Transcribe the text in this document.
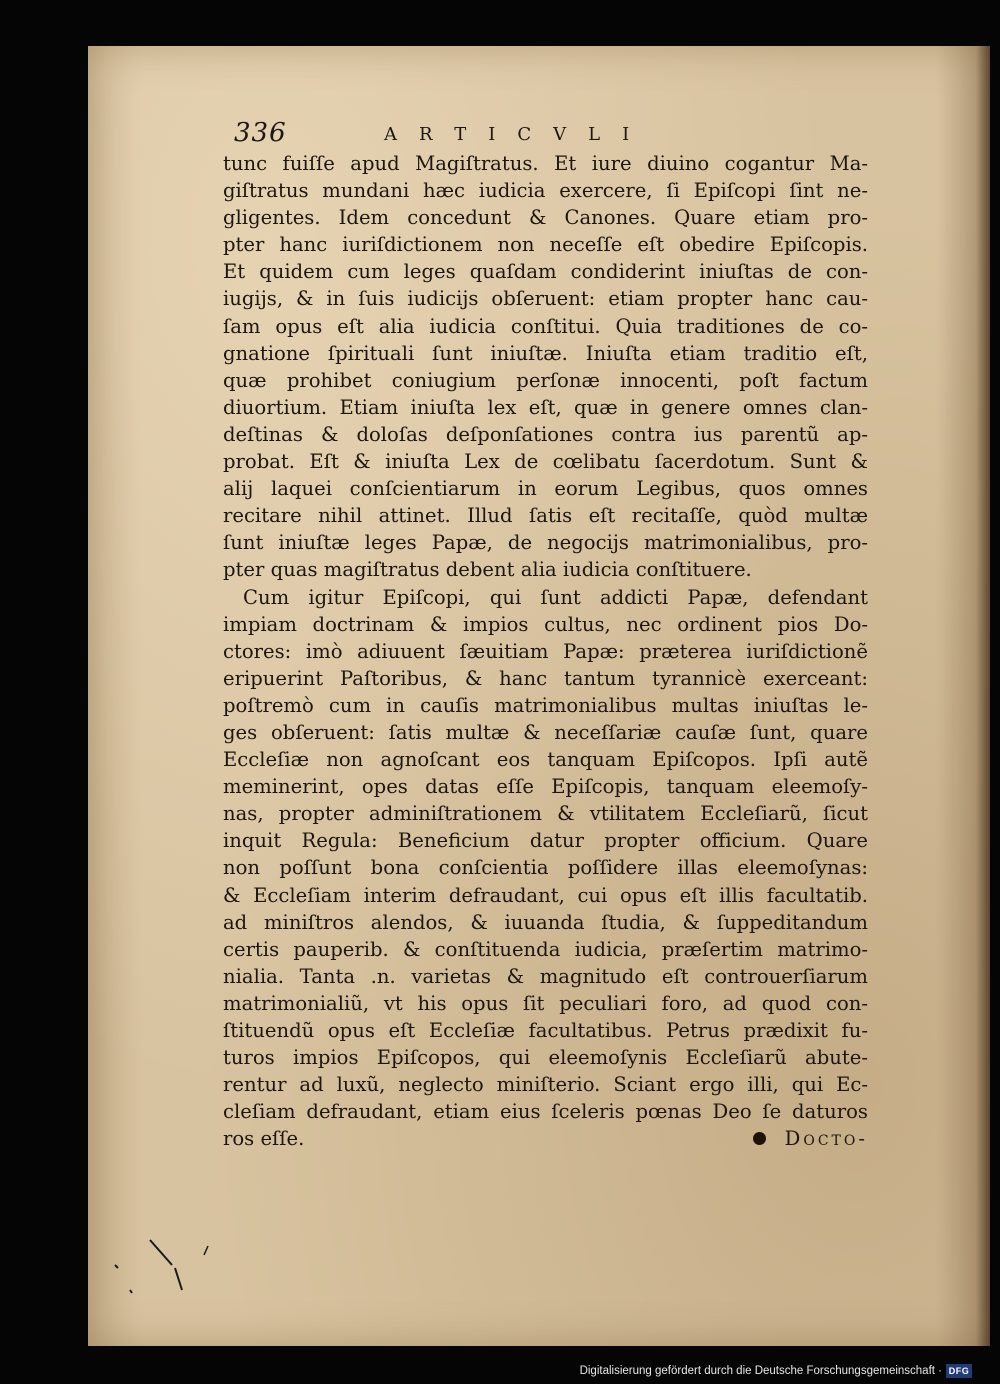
336	ARTICVLI
tunc fuiſſe apud Magiſtratus. Et iure diuino cogantur Ma-
giſtratus mundani hæc iudicia exercere, ſi Epiſcopi ſint ne-
gligentes. Idem concedunt & Canones. Quare etiam pro-
pter hanc iuriſdictionem non neceſſe eſt obedire Epiſcopis.
Et quidem cum leges quaſdam condiderint iniuſtas de con-
iugijs, & in ſuis iudicijs obſeruent: etiam propter hanc cau-
ſam opus eſt alia iudicia conſtitui. Quia traditiones de co-
gnatione ſpirituali ſunt iniuſtæ. Iniuſta etiam traditio eſt,
quæ prohibet coniugium perſonæ innocenti, poſt factum
diuortium. Etiam iniuſta lex eſt, quæ in genere omnes clan-
deſtinas & doloſas deſponſationes contra ius parentũ ap-
probat. Eſt & iniuſta Lex de cœlibatu ſacerdotum. Sunt &
alij laquei conſcientiarum in eorum Legibus, quos omnes
recitare nihil attinet. Illud ſatis eſt recitaſſe, quòd multæ
ſunt iniuſtæ leges Papæ, de negocijs matrimonialibus, pro-
pter quas magiſtratus debent alia iudicia conſtituere.
Cum igitur Epiſcopi, qui ſunt addicti Papæ, defendant
impiam doctrinam & impios cultus, nec ordinent pios Do-
ctores: imò adiuuent ſæuitiam Papæ: prӕterea iuriſdictionẽ
eripuerint Paſtoribus, & hanc tantum tyrannicè exerceant:
poſtremò cum in cauſis matrimonialibus multas iniuſtas le-
ges obſeruent: ſatis multæ & neceſſariæ cauſæ ſunt, quare
Eccleſiæ non agnoſcant eos tanquam Epiſcopos. Ipſi autẽ
meminerint, opes datas eſſe Epiſcopis, tanquam eleemoſy-
nas, propter adminiſtrationem & vtilitatem Eccleſiarũ, ſicut
inquit Regula: Beneficium datur propter officium. Quare
non poſſunt bona conſcientia poſſidere illas eleemoſynas:
& Eccleſiam interim defraudant, cui opus eſt illis facultatib.
ad miniſtros alendos, & iuuanda ſtudia, & ſuppeditandum
certis pauperib. & conſtituenda iudicia, præſertim matrimo-
nialia. Tanta .n. varietas & magnitudo eſt controuerſiarum
matrimonialiũ, vt his opus ſit peculiari foro, ad quod con-
ſtituendũ opus eſt Eccleſiæ facultatibus. Petrus prædixit fu-
turos impios Epiſcopos, qui eleemoſynis Eccleſiarũ abute-
rentur ad luxũ, neglecto miniſterio. Sciant ergo illi, qui Ec-
cleſiam defraudant, etiam eius ſceleris pœnas Deo ſe daturos
ros eſſe.	Docto-
Digitalisierung gefördert durch die Deutsche Forschungsgemeinschaft · DFG
